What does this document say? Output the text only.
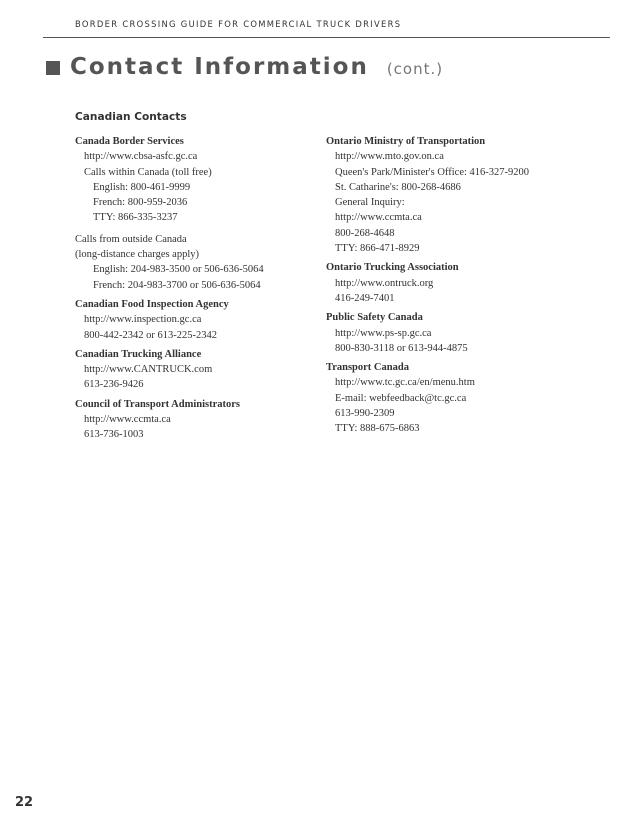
BORDER CROSSING GUIDE FOR COMMERCIAL TRUCK DRIVERS
Contact Information (cont.)
Canadian Contacts
Canada Border Services
http://www.cbsa-asfc.gc.ca
Calls within Canada (toll free)
English: 800-461-9999
French: 800-959-2036
TTY: 866-335-3237
Calls from outside Canada
(long-distance charges apply)
English: 204-983-3500 or 506-636-5064
French: 204-983-3700 or 506-636-5064
Canadian Food Inspection Agency
http://www.inspection.gc.ca
800-442-2342 or 613-225-2342
Canadian Trucking Alliance
http://www.CANTRUCK.com
613-236-9426
Council of Transport Administrators
http://www.ccmta.ca
613-736-1003
Ontario Ministry of Transportation
http://www.mto.gov.on.ca
Queen's Park/Minister's Office: 416-327-9200
St. Catharine's: 800-268-4686
General Inquiry:
http://www.ccmta.ca
800-268-4648
TTY: 866-471-8929
Ontario Trucking Association
http://www.ontruck.org
416-249-7401
Public Safety Canada
http://www.ps-sp.gc.ca
800-830-3118 or 613-944-4875
Transport Canada
http://www.tc.gc.ca/en/menu.htm
E-mail: webfeedback@tc.gc.ca
613-990-2309
TTY: 888-675-6863
22
